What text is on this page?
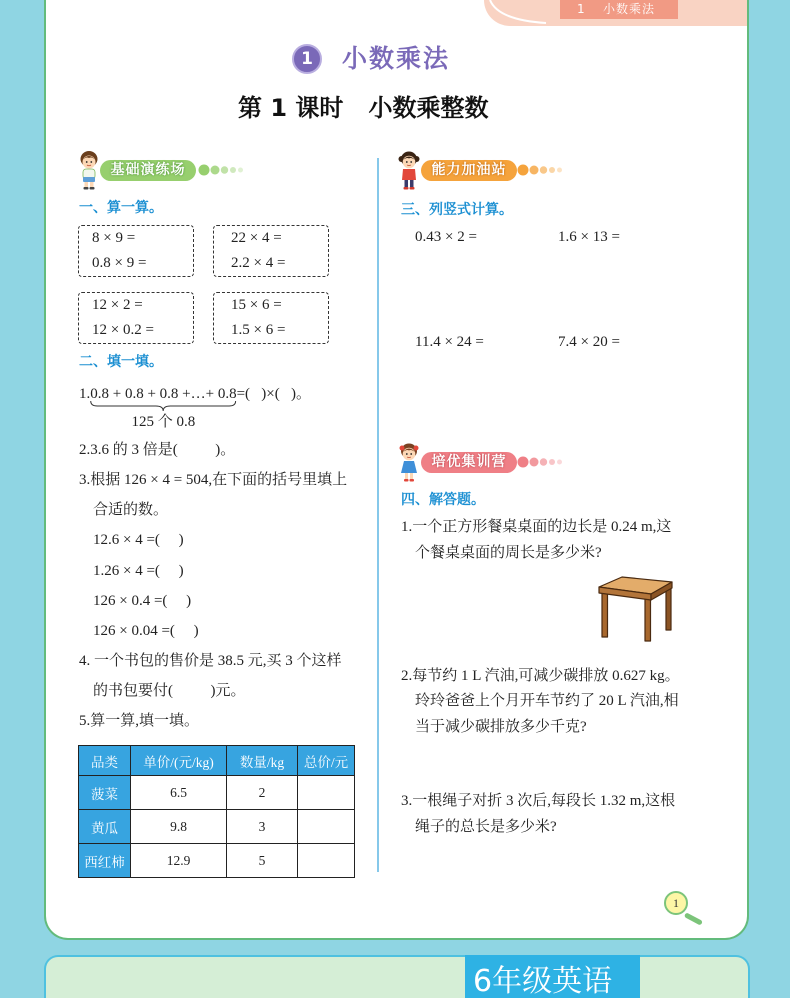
1 小数乘法
1	小数乘法
第 1 课时   小数乘整数
基础演练场
一、算一算。
8 × 9 =
0.8 × 9 =
22 × 4 =
2.2 × 4 =
12 × 2 =
12 × 0.2 =
15 × 6 =
1.5 × 6 =
二、填一填。
1.0.8 + 0.8 + 0.8 +…+ 0.8
125 个 0.8
=(   )×(   )。
2.3.6 的 3 倍是(          )。
3.根据 126 × 4 = 504,在下面的括号里填上
合适的数。
12.6 × 4 =(     )
1.26 × 4 =(     )
126 × 0.4 =(     )
126 × 0.04 =(     )
4. 一个书包的售价是 38.5 元,买 3 个这样
的书包要付(          )元。
5.算一算,填一填。
品类	单价/(元/kg)	数量/kg	总价/元
菠菜	6.5	2	
黄瓜	9.8	3	
西红柿	12.9	5	
能力加油站
三、列竖式计算。
0.43 × 2 =	1.6 × 13 =
11.4 × 24 =	7.4 × 20 =
培优集训营
四、解答题。
1.一个正方形餐桌桌面的边长是 0.24 m,这
个餐桌桌面的周长是多少米?
2.每节约 1 L 汽油,可减少碳排放 0.627 kg。
玲玲爸爸上个月开车节约了 20 L 汽油,相
当于减少碳排放多少千克?
3.一根绳子对折 3 次后,每段长 1.32 m,这根
绳子的总长是多少米?
1
6年级英语
